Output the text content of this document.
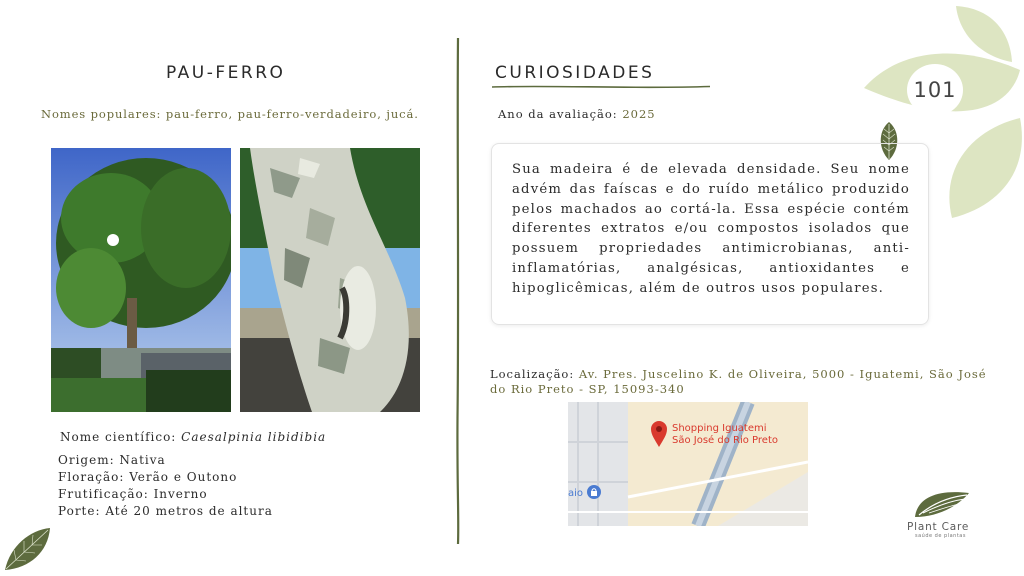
101
PAU-FERRO
Nomes populares: pau-ferro, pau-ferro-verdadeiro, jucá.
Nome científico: Caesalpinia libidibia
Origem: Nativa
Floração: Verão e Outono
Frutificação: Inverno
Porte: Até 20 metros de altura
CURIOSIDADES
Ano da avaliação: 2025

Sua madeira é de elevada densidade. Seu nome advém das faíscas e do ruído metálico produzido pelos machados ao cortá-la. Essa espécie contém diferentes extratos e/ou compostos isolados que possuem propriedades antimicrobianas, anti-inflamatórias, analgésicas, antioxidantes e hipoglicêmicas, além de outros usos populares.

Localização: Av. Pres. Juscelino K. de Oliveira, 5000 - Iguatemi, São José
do Rio Preto - SP, 15093-340
Shopping Iguatemi
São José do Rio Preto
aio
Plant Care
saúde de plantas
